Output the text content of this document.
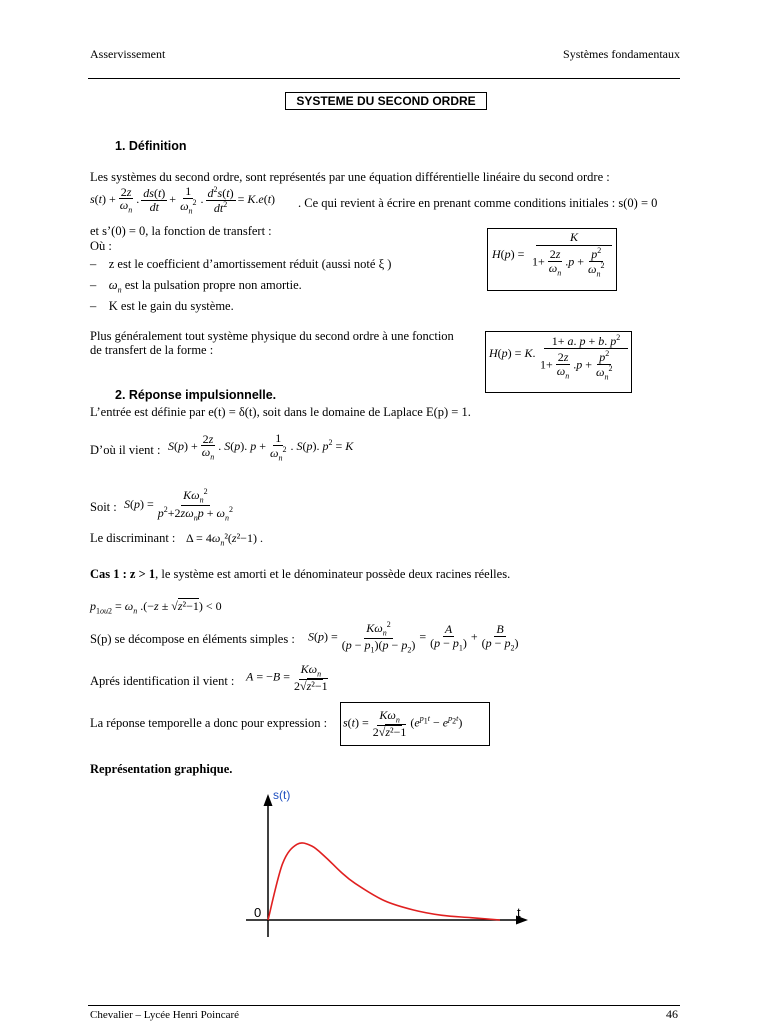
Asservissement	Systèmes fondamentaux
SYSTEME DU SECOND ORDRE
1. Définition
Les systèmes du second ordre, sont représentés par une équation différentielle linéaire du second ordre :
$s(t) + \frac{2z}{\omega_n}$ . $\frac{ds(t)}{dt} + \frac{1}{\omega_n^2}$ . $\frac{d^2s(t)}{dt^2} = K.e(t)$ . Ce qui revient à écrire en prenant comme conditions initiales : s(0) = 0
et s’(0) = 0, la fonction de transfert :
Où :
–    z est le coefficient d’amortissement réduit (aussi noté ξ )
–    $\omega_n$ est la pulsation propre non amortie.
–    K est le gain du système.
H(p) =
K
$1+ \frac{2z}{\omega_n} .p + \frac{p^2}{\omega_n^2}$
Plus généralement tout système physique du second ordre à une fonction
de transfert de la forme :	H(p) = K.
1+ a. p + b. $p^2$
$1+ \frac{2z}{\omega_n} .p + \frac{p^2}{\omega_n^2}$
2. Réponse impulsionnelle.
L’entrée est définie par e(t) = δ(t), soit dans le domaine de Laplace E(p) = 1.
D’où il vient : $S(p) + \frac{2z}{\omega_n}$ . S(p). $p + \frac{1}{\omega_n^2}$ . S(p). $p^2 = K$
Soit : $S(p) = \frac{K\omega_n^2}{p^2+2z\omega_np + \omega_n^2}$
Le discriminant : $\Delta = 4\omega_n^2(z^2-1)$ .
Cas 1 : z > 1, le système est amorti et le dénominateur possède deux racines réelles.
$p_{1ou2} = \omega_n$ .(−z ± √z²−1) < 0
S(p) se décompose en éléments simples : $S(p) = \frac{K\omega_n^2}{(p - p_1)(p - p_2)} = \frac{A}{(p - p_1)} + \frac{B}{(p - p_2)}$
Aprés identification il vient : $A = -B = \frac{K\omega_n}{\text{2√z²−1}}$
La réponse temporelle a donc pour expression : $s(t) = \frac{K\omega_n}{\text{2√z²−1}} (e^{p_1t} - e^{p_2t})$
Représentation graphique.
s(t)
t
0
Chevalier – Lycée Henri Poincaré	46
